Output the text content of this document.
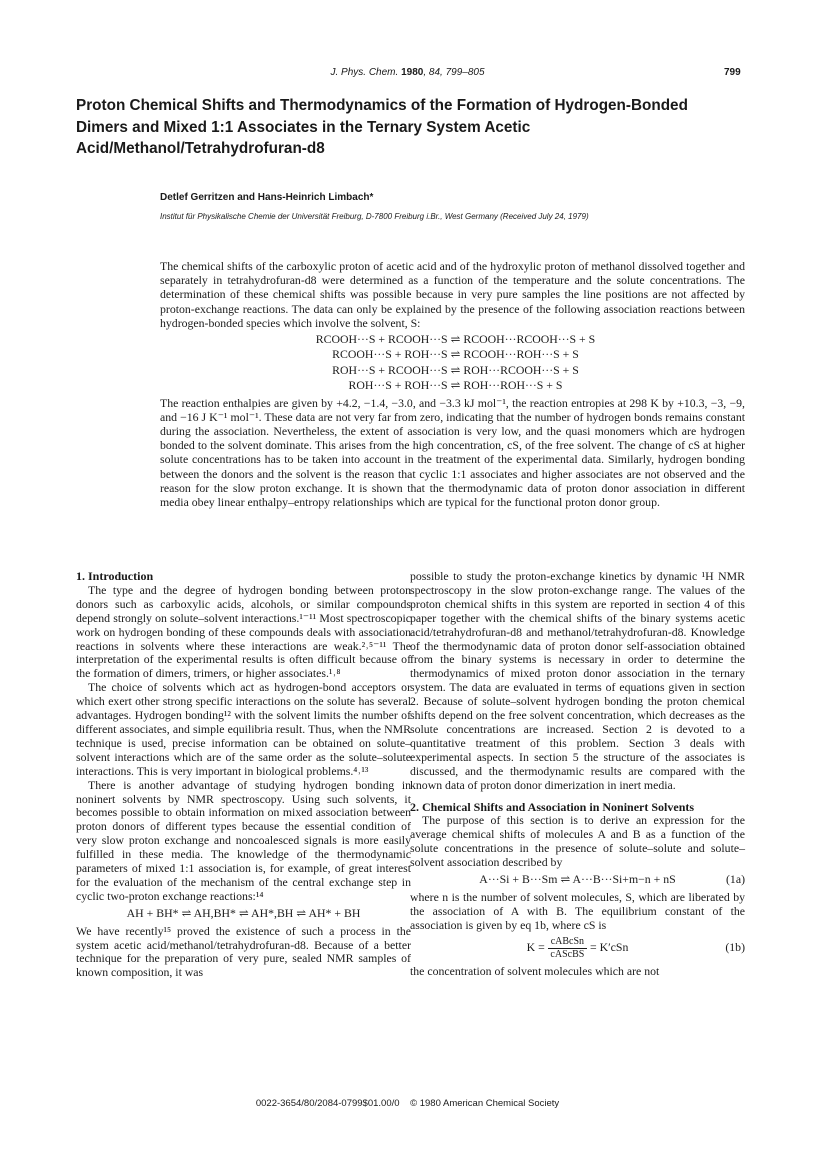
J. Phys. Chem. 1980, 84, 799–805	799
Proton Chemical Shifts and Thermodynamics of the Formation of Hydrogen-Bonded Dimers and Mixed 1:1 Associates in the Ternary System Acetic Acid/Methanol/Tetrahydrofuran-d8
Detlef Gerritzen and Hans-Heinrich Limbach*
Institut für Physikalische Chemie der Universität Freiburg, D-7800 Freiburg i.Br., West Germany (Received July 24, 1979)

The chemical shifts of the carboxylic proton of acetic acid and of the hydroxylic proton of methanol dissolved together and separately in tetrahydrofuran-d8 were determined as a function of the temperature and the solute concentrations. The determination of these chemical shifts was possible because in very pure samples the line positions are not affected by proton-exchange reactions. The data can only be explained by the presence of the following association reactions between hydrogen-bonded species which involve the solvent, S:

RCOOH···S + RCOOH···S ⇌ RCOOH···RCOOH···S + S
RCOOH···S + ROH···S ⇌ RCOOH···ROH···S + S
ROH···S + RCOOH···S ⇌ ROH···RCOOH···S + S
ROH···S + ROH···S ⇌ ROH···ROH···S + S

The reaction enthalpies are given by +4.2, −1.4, −3.0, and −3.3 kJ mol⁻¹, the reaction entropies at 298 K by +10.3, −3, −9, and −16 J K⁻¹ mol⁻¹. These data are not very far from zero, indicating that the number of hydrogen bonds remains constant during the association. Nevertheless, the extent of association is very low, and the quasi monomers which are hydrogen bonded to the solvent dominate. This arises from the high concentration, cS, of the free solvent. The change of cS at higher solute concentrations has to be taken into account in the treatment of the experimental data. Similarly, hydrogen bonding between the donors and the solvent is the reason that cyclic 1:1 associates and higher associates are not observed and the reason for the slow proton exchange. It is shown that the thermodynamic data of proton donor association in different media obey linear enthalpy–entropy relationships which are typical for the functional proton donor group.

1. Introduction

The type and the degree of hydrogen bonding between proton donors such as carboxylic acids, alcohols, or similar compounds depend strongly on solute–solvent interactions.¹⁻¹¹ Most spectroscopic work on hydrogen bonding of these compounds deals with association reactions in solvents where these interactions are weak.²˒⁵⁻¹¹ The interpretation of the experimental results is often difficult because of the formation of dimers, trimers, or higher associates.¹˒⁸

The choice of solvents which act as hydrogen-bond acceptors or which exert other strong specific interactions on the solute has several advantages. Hydrogen bonding¹² with the solvent limits the number of different associates, and simple equilibria result. Thus, when the NMR technique is used, precise information can be obtained on solute–solvent interactions which are of the same order as the solute–solute interactions. This is very important in biological problems.⁴˒¹³

There is another advantage of studying hydrogen bonding in noninert solvents by NMR spectroscopy. Using such solvents, it becomes possible to obtain information on mixed association between proton donors of different types because the essential condition of very slow proton exchange and noncoalesced signals is more easily fulfilled in these media. The knowledge of the thermodynamic parameters of mixed 1:1 association is, for example, of great interest for the evaluation of the mechanism of the central exchange step in cyclic two-proton exchange reactions:¹⁴

AH + BH* ⇌ AH,BH* ⇌ AH*,BH ⇌ AH* + BH

We have recently¹⁵ proved the existence of such a process in the system acetic acid/methanol/tetrahydrofuran-d8. Because of a better technique for the preparation of very pure, sealed NMR samples of known composition, it was

possible to study the proton-exchange kinetics by dynamic ¹H NMR spectroscopy in the slow proton-exchange range. The values of the proton chemical shifts in this system are reported in section 4 of this paper together with the chemical shifts of the binary systems acetic acid/tetrahydrofuran-d8 and methanol/tetrahydrofuran-d8. Knowledge of the thermodynamic data of proton donor self-association obtained from the binary systems is necessary in order to determine the thermodynamics of mixed proton donor association in the ternary system. The data are evaluated in terms of equations given in section 2. Because of solute–solvent hydrogen bonding the proton chemical shifts depend on the free solvent concentration, which decreases as the solute concentrations are increased. Section 2 is devoted to a quantitative treatment of this problem. Section 3 deals with experimental aspects. In section 5 the structure of the associates is discussed, and the thermodynamic results are compared with the known data of proton donor dimerization in inert media.

2. Chemical Shifts and Association in Noninert Solvents

The purpose of this section is to derive an expression for the average chemical shifts of molecules A and B as a function of the solute concentrations in the presence of solute–solute and solute–solvent association described by

A···Si + B···Sm ⇌ A···B···Si+m−n + nS	(1a)

where n is the number of solvent molecules, S, which are liberated by the association of A with B. The equilibrium constant of the association is given by eq 1b, where cS is

$K = \frac{\text{cABcSn}}{\text{cAScBS}} = K'cSn$	(1b)

the concentration of solvent molecules which are not

0022-3654/80/2084-0799$01.00/0 © 1980 American Chemical Society
